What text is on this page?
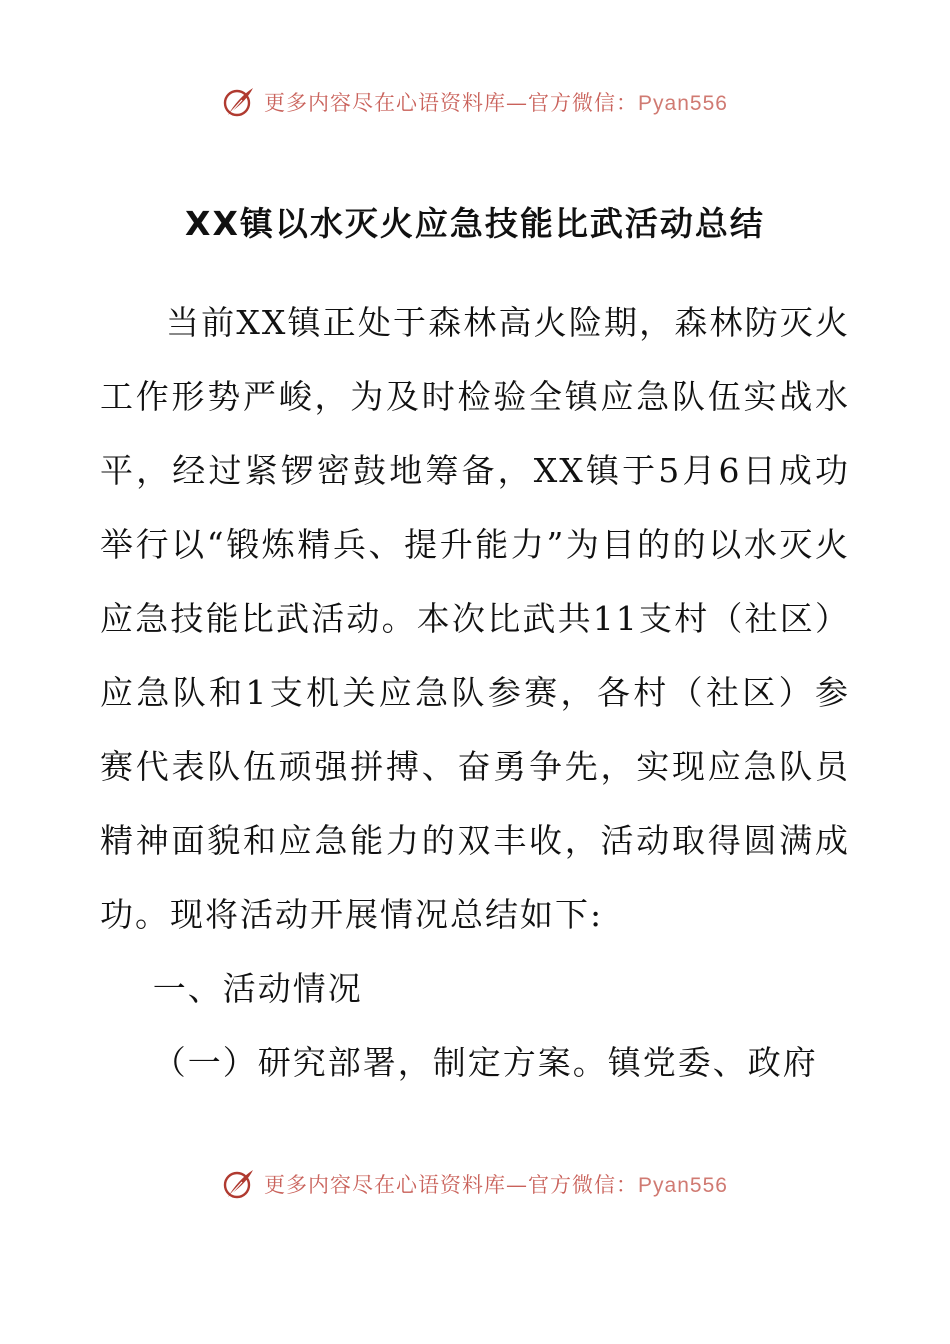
更多内容尽在心语资料库—官方微信：Pyan556
XX镇以水灭火应急技能比武活动总结

当前XX镇正处于森林高火险期，森林防灭火工作形势严峻，为及时检验全镇应急队伍实战水平，经过紧锣密鼓地筹备，XX镇于5月6日成功举行以“锻炼精兵、提升能力”为目的的以水灭火应急技能比武活动。本次比武共11支村（社区）应急队和1支机关应急队参赛，各村（社区）参赛代表队伍顽强拼搏、奋勇争先，实现应急队员精神面貌和应急能力的双丰收，活动取得圆满成功。现将活动开展情况总结如下:

一、活动情况

（一）研究部署，制定方案。镇党委、政府

更多内容尽在心语资料库—官方微信：Pyan556
